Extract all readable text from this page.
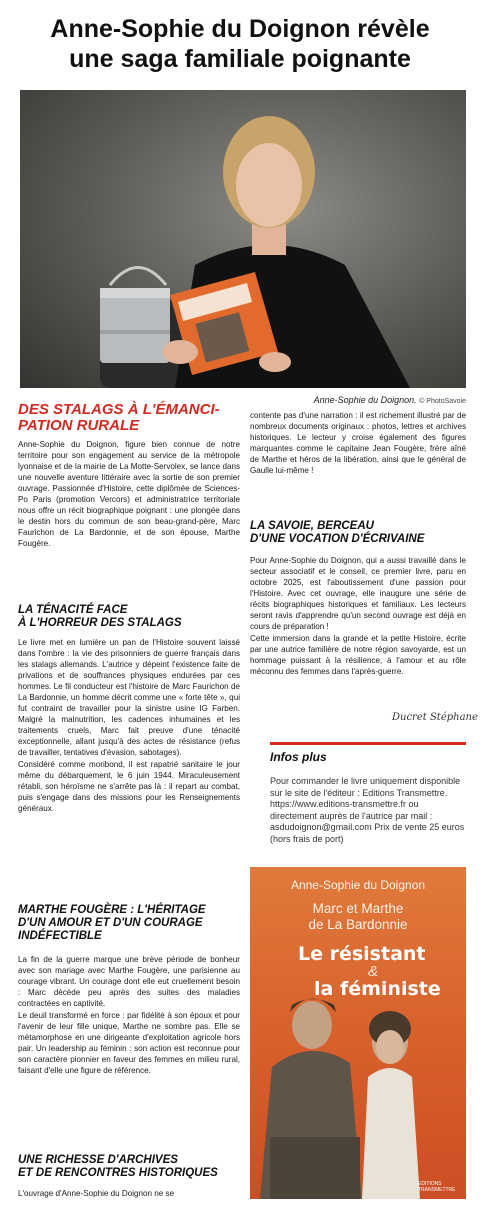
Anne-Sophie du Doignon révèle
une saga familiale poignante
Anne-Sophie du Doignon. © PhotoSavoie
DES STALAGS À L'ÉMANCI-
PATION RURALE

Anne-Sophie du Doignon, figure bien connue de notre territoire pour son engagement au service de la métropole lyonnaise et de la mairie de La Motte-Servolex, se lance dans une nouvelle aventure littéraire avec la sortie de son premier ouvrage. Passionnée d'Histoire, cette diplômée de Sciences-Po Paris (promotion Vercors) et administratrice territoriale nous offre un récit biographique poignant : une plongée dans le destin hors du commun de son beau-grand-père, Marc Faurichon de La Bardonnie, et de son épouse, Marthe Fougère.

LA TÉNACITÉ FACE
À L'HORREUR DES STALAGS

Le livre met en lumière un pan de l'Histoire souvent laissé dans l'ombre : la vie des prisonniers de guerre français dans les stalags allemands. L'autrice y dépeint l'existence faite de privations et de souffrances physiques endurées par ces hommes. Le fil conducteur est l'histoire de Marc Faurichon de La Bardonnie, un homme décrit comme une « forte tête », qui fut contraint de travailler pour la sinistre usine IG Farben. Malgré la malnutrition, les cadences inhumaines et les traitements cruels, Marc fait preuve d'une ténacité exceptionnelle, allant jusqu'à des actes de résistance (refus de travailler, tentatives d'évasion, sabotages).

Considéré comme moribond, il est rapatrié sanitaire le jour même du débarquement, le 6 juin 1944. Miraculeusement rétabli, son héroïsme ne s'arrête pas là : il repart au combat, puis s'engage dans des missions pour les Renseignements généraux.

MARTHE FOUGÈRE : L'HÉRITAGE
D'UN AMOUR ET D'UN COURAGE
INDÉFECTIBLE

La fin de la guerre marque une brève période de bonheur avec son mariage avec Marthe Fougère, une parisienne au courage vibrant. Un courage dont elle eut cruellement besoin : Marc décède peu après des suites des maladies contractées en captivité.

Le deuil transformé en force : par fidélité à son époux et pour l'avenir de leur fille unique, Marthe ne sombre pas. Elle se métamorphose en une dirigeante d'exploitation agricole hors pair. Un leadership au féminin : son action est reconnue pour son caractère pionnier en faveur des femmes en milieu rural, faisant d'elle une figure de référence.

UNE RICHESSE D'ARCHIVES
ET DE RENCONTRES HISTORIQUES

L'ouvrage d'Anne-Sophie du Doignon ne se

contente pas d'une narration : il est richement illustré par de nombreux documents originaux : photos, lettres et archives historiques. Le lecteur y croise également des figures marquantes comme le capitaine Jean Fougère, frère aîné de Marthe et héros de la libération, ainsi que le général de Gaulle lui-même !

LA SAVOIE, BERCEAU
D'UNE VOCATION D'ÉCRIVAINE

Pour Anne-Sophie du Doignon, qui a aussi travaillé dans le secteur associatif et le conseil, ce premier livre, paru en octobre 2025, est l'aboutissement d'une passion pour l'Histoire. Avec cet ouvrage, elle inaugure une série de récits biographiques historiques et familiaux. Les lecteurs seront ravis d'apprendre qu'un second ouvrage est déjà en cours de préparation !

Cette immersion dans la grande et la petite Histoire, écrite par une autrice familière de notre région savoyarde, est un hommage puissant à la résilience, à l'amour et au rôle méconnu des femmes dans l'après-guerre.

Ducret Stéphane
Infos plus
Pour commander le livre uniquement disponible sur le site de l'éditeur : Editions Transmettre. https://www.editions-transmettre.fr ou directement auprès de l'autrice par mail : asdudoignon@gmail.com Prix de vente 25 euros (hors frais de port)
Anne-Sophie du Doignon
Marc et Marthe
de La Bardonnie
Le résistant
&
la féministe
EDITIONS TRANSMETTRE
